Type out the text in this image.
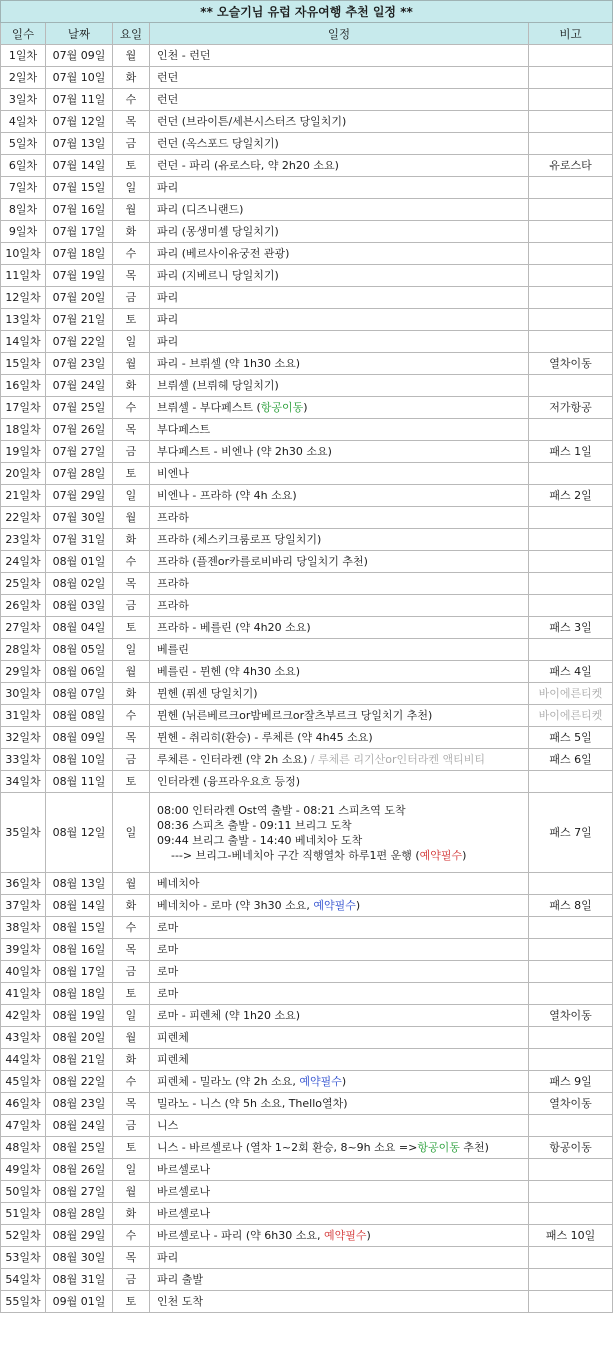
** 오슬기님 유럽 자유여행 추천 일정 **				
일수	날짜	요일	일정	비고
1일차	07월 09일	월	인천 - 런던	
2일차	07월 10일	화	런던	
3일차	07월 11일	수	런던	
4일차	07월 12일	목	런던 (브라이튼/세븐시스터즈 당일치기)	
5일차	07월 13일	금	런던 (옥스포드 당일치기)	
6일차	07월 14일	토	런던 - 파리 (유로스타, 약 2h20 소요)	유로스타
7일차	07월 15일	일	파리	
8일차	07월 16일	월	파리 (디즈니랜드)	
9일차	07월 17일	화	파리 (몽생미셸 당일치기)	
10일차	07월 18일	수	파리 (베르사이유궁전 관광)	
11일차	07월 19일	목	파리 (지베르니 당일치기)	
12일차	07월 20일	금	파리	
13일차	07월 21일	토	파리	
14일차	07월 22일	일	파리	
15일차	07월 23일	월	파리 - 브뤼셀 (약 1h30 소요)	열차이동
16일차	07월 24일	화	브뤼셀 (브뤼헤 당일치기)	
17일차	07월 25일	수	브뤼셀 - 부다페스트 (항공이동)	저가항공
18일차	07월 26일	목	부다페스트	
19일차	07월 27일	금	부다페스트 - 비엔나 (약 2h30 소요)	패스 1일
20일차	07월 28일	토	비엔나	
21일차	07월 29일	일	비엔나 - 프라하 (약 4h 소요)	패스 2일
22일차	07월 30일	월	프라하	
23일차	07월 31일	화	프라하 (체스키크룸로프 당일치기)	
24일차	08월 01일	수	프라하 (플젠or카를로비바리 당일치기 추천)	
25일차	08월 02일	목	프라하	
26일차	08월 03일	금	프라하	
27일차	08월 04일	토	프라하 - 베를린 (약 4h20 소요)	패스 3일
28일차	08월 05일	일	베를린	
29일차	08월 06일	월	베를린 - 뮌헨 (약 4h30 소요)	패스 4일
30일차	08월 07일	화	뮌헨 (퓌센 당일치기)	바이에른티켓
31일차	08월 08일	수	뮌헨 (뉘른베르크or밤베르크or잘츠부르크 당일치기 추천)	바이에른티켓
32일차	08월 09일	목	뮌헨 - 취리히(환승) - 루체른 (약 4h45 소요)	패스 5일
33일차	08월 10일	금	루체른 - 인터라켄 (약 2h 소요) / 루체른 리기산or인터라켄 액티비티	패스 6일
34일차	08월 11일	토	인터라켄 (융프라우요흐 등정)	
35일차	08월 12일	일	08:00 인터라켄 Ost역 출발 - 08:21 스피츠역 도착
08:36 스피츠 출발 - 09:11 브리그 도착
09:44 브리그 출발 - 14:40 베네치아 도착
---> 브리그-베네치아 구간 직행열차 하루1편 운행 (예약필수)	패스 7일
36일차	08월 13일	월	베네치아	
37일차	08월 14일	화	베네치아 - 로마 (약 3h30 소요, 예약필수)	패스 8일
38일차	08월 15일	수	로마	
39일차	08월 16일	목	로마	
40일차	08월 17일	금	로마	
41일차	08월 18일	토	로마	
42일차	08월 19일	일	로마 - 피렌체 (약 1h20 소요)	열차이동
43일차	08월 20일	월	피렌체	
44일차	08월 21일	화	피렌체	
45일차	08월 22일	수	피렌체 - 밀라노 (약 2h 소요, 예약필수)	패스 9일
46일차	08월 23일	목	밀라노 - 니스 (약 5h 소요, Thello열차)	열차이동
47일차	08월 24일	금	니스	
48일차	08월 25일	토	니스 - 바르셀로나 (열차 1~2회 환승, 8~9h 소요 =>항공이동 추천)	항공이동
49일차	08월 26일	일	바르셀로나	
50일차	08월 27일	월	바르셀로나	
51일차	08월 28일	화	바르셀로나	
52일차	08월 29일	수	바르셀로나 - 파리 (약 6h30 소요, 예약필수)	패스 10일
53일차	08월 30일	목	파리	
54일차	08월 31일	금	파리 출발	
55일차	09월 01일	토	인천 도착	
